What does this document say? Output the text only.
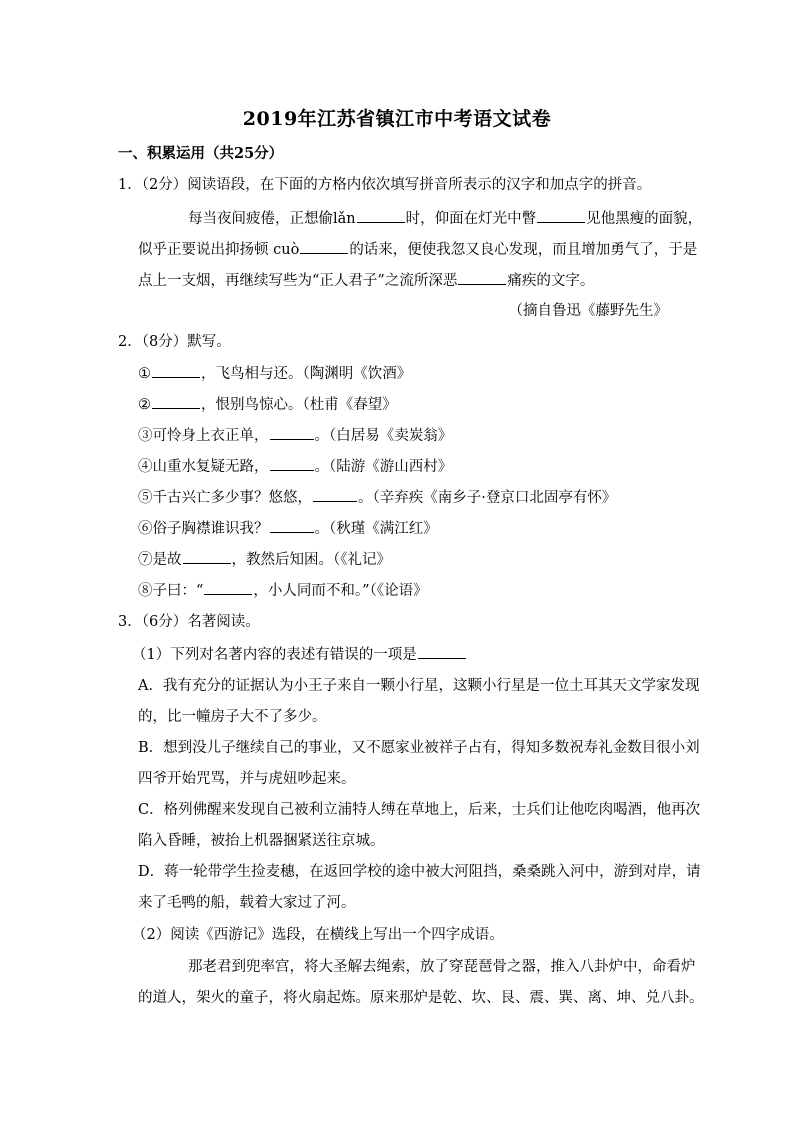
2019年江苏省镇江市中考语文试卷
一、积累运用（共25分）
1．（2分）阅读语段，在下面的方格内依次填写拼音所表示的汉字和加点字的拼音。
每当夜间疲倦，正想偷lǎn	时，仰面在灯光中瞥	见他黑瘦的面貌，
似乎正要说出抑扬顿 cuò	的话来，便使我忽又良心发现，而且增加勇气了，于是
点上一支烟，再继续写些为“正人君子”之流所深恶	痛疾的文字。
（摘自鲁迅《藤野先生》
2．（8分）默写。
①	，飞鸟相与还。（陶渊明《饮酒》
②	，恨别鸟惊心。（杜甫《春望》
③可怜身上衣正单，	。（白居易《卖炭翁》
④山重水复疑无路，	。（陆游《游山西村》
⑤千古兴亡多少事？悠悠，	。（辛弃疾《南乡子·登京口北固亭有怀》
⑥俗子胸襟谁识我？	。（秋瑾《满江红》
⑦是故	，教然后知困。（《礼记》
⑧子曰：“	，小人同而不和。”（《论语》
3．（6分）名著阅读。
（1）下列对名著内容的表述有错误的一项是
A．我有充分的证据认为小王子来自一颗小行星，这颗小行星是一位土耳其天文学家发现
的，比一幢房子大不了多少。
B．想到没儿子继续自己的事业，又不愿家业被祥子占有，得知多数祝寿礼金数目很小刘
四爷开始咒骂，并与虎妞吵起来。
C．格列佛醒来发现自己被利立浦特人缚在草地上，后来，士兵们让他吃肉喝酒，他再次
陷入昏睡，被抬上机器捆紧送往京城。
D．蒋一轮带学生捡麦穗，在返回学校的途中被大河阻挡，桑桑跳入河中，游到对岸，请
来了毛鸭的船，载着大家过了河。
（2）阅读《西游记》选段，在横线上写出一个四字成语。
那老君到兜率宫，将大圣解去绳索，放了穿琵琶骨之器，推入八卦炉中，命看炉
的道人，架火的童子，将火扇起炼。原来那炉是乾、坎、艮、震、巽、离、坤、兑八卦。
